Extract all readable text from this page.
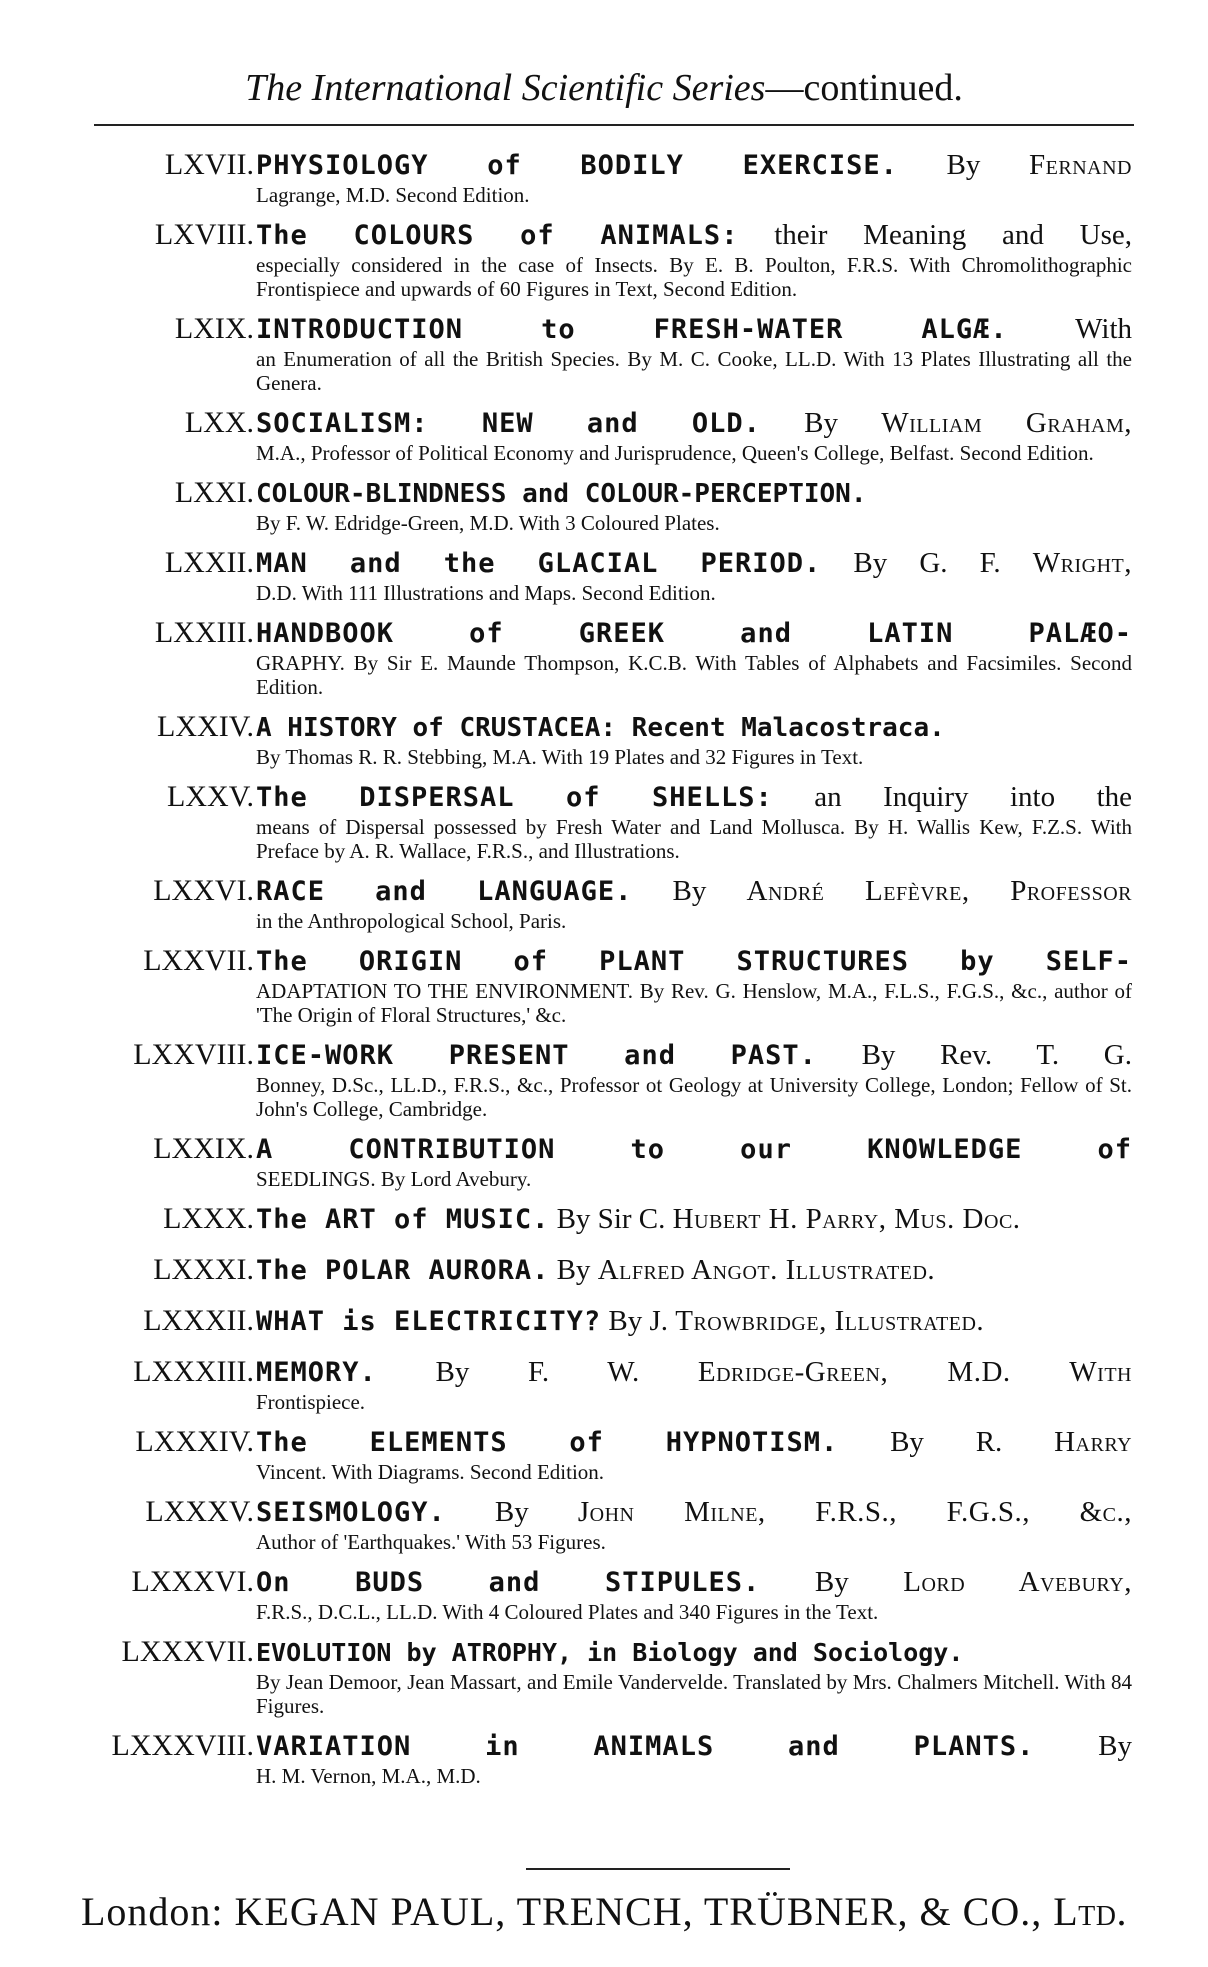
The International Scientific Series—continued.
LXVII. PHYSIOLOGY of BODILY EXERCISE. By Fernand
Lagrange, M.D. Second Edition.
LXVIII. The COLOURS of ANIMALS: their Meaning and Use,
especially considered in the case of Insects. By E. B. Poulton, F.R.S. With Chromolithographic Frontispiece and upwards of 60 Figures in Text, Second Edition.
LXIX. INTRODUCTION to FRESH-WATER ALGÆ. With
an Enumeration of all the British Species. By M. C. Cooke, LL.D. With 13 Plates Illustrating all the Genera.
LXX. SOCIALISM: NEW and OLD. By William Graham,
M.A., Professor of Political Economy and Jurisprudence, Queen's College, Belfast. Second Edition.
LXXI. COLOUR-BLINDNESS and COLOUR-PERCEPTION.
By F. W. Edridge-Green, M.D. With 3 Coloured Plates.
LXXII. MAN and the GLACIAL PERIOD. By G. F. Wright,
D.D. With 111 Illustrations and Maps. Second Edition.
LXXIII. HANDBOOK of GREEK and LATIN PALÆO-
GRAPHY. By Sir E. Maunde Thompson, K.C.B. With Tables of Alphabets and Facsimiles. Second Edition.
LXXIV. A HISTORY of CRUSTACEA: Recent Malacostraca.
By Thomas R. R. Stebbing, M.A. With 19 Plates and 32 Figures in Text.
LXXV. The DISPERSAL of SHELLS: an Inquiry into the
means of Dispersal possessed by Fresh Water and Land Mollusca. By H. Wallis Kew, F.Z.S. With Preface by A. R. Wallace, F.R.S., and Illustrations.
LXXVI. RACE and LANGUAGE. By André Lefèvre, Professor
in the Anthropological School, Paris.
LXXVII. The ORIGIN of PLANT STRUCTURES by SELF-
ADAPTATION TO THE ENVIRONMENT. By Rev. G. Henslow, M.A., F.L.S., F.G.S., &c., author of 'The Origin of Floral Structures,' &c.
LXXVIII. ICE-WORK PRESENT and PAST. By Rev. T. G.
Bonney, D.Sc., LL.D., F.R.S., &c., Professor ot Geology at University College, London; Fellow of St. John's College, Cambridge.
LXXIX. A CONTRIBUTION to our KNOWLEDGE of
SEEDLINGS. By Lord Avebury.
LXXX. The ART of MUSIC. By Sir C. Hubert H. Parry, Mus. Doc.
LXXXI. The POLAR AURORA. By Alfred Angot. Illustrated.
LXXXII. WHAT is ELECTRICITY? By J. Trowbridge, Illustrated.
LXXXIII. MEMORY. By F. W. Edridge-Green, M.D. With
Frontispiece.
LXXXIV. The ELEMENTS of HYPNOTISM. By R. Harry
Vincent. With Diagrams. Second Edition.
LXXXV. SEISMOLOGY. By John Milne, F.R.S., F.G.S., &c.,
Author of 'Earthquakes.' With 53 Figures.
LXXXVI. On BUDS and STIPULES. By Lord Avebury,
F.R.S., D.C.L., LL.D. With 4 Coloured Plates and 340 Figures in the Text.
LXXXVII. EVOLUTION by ATROPHY, in Biology and Sociology.
By Jean Demoor, Jean Massart, and Emile Vandervelde. Translated by Mrs. Chalmers Mitchell. With 84 Figures.
LXXXVIII. VARIATION in ANIMALS and PLANTS. By
H. M. Vernon, M.A., M.D.
London: KEGAN PAUL, TRENCH, TRÜBNER, & CO., Ltd.
